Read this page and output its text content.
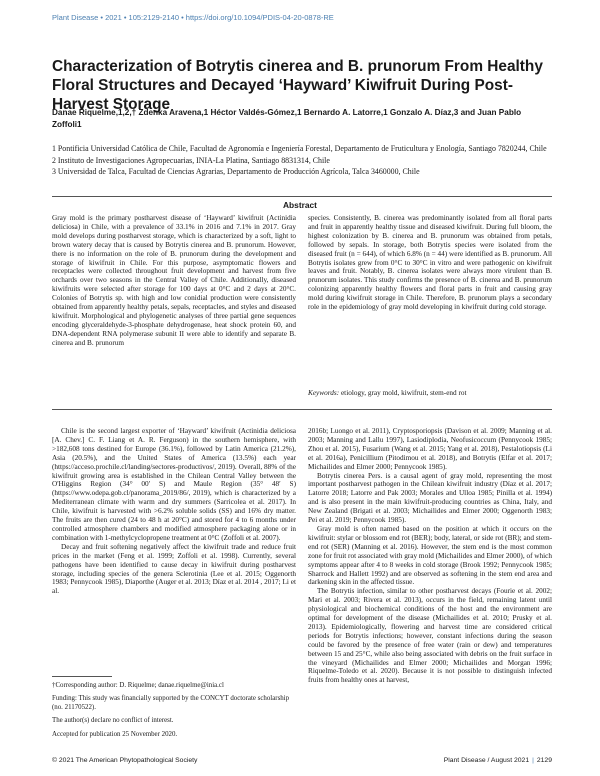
Plant Disease • 2021 • 105:2129-2140 • https://doi.org/10.1094/PDIS-04-20-0878-RE
Characterization of Botrytis cinerea and B. prunorum From Healthy Floral Structures and Decayed ‘Hayward’ Kiwifruit During Post-Harvest Storage
Danae Riquelme,1,2,† Zdenka Aravena,1 Héctor Valdés-Gómez,1 Bernardo A. Latorre,1 Gonzalo A. Díaz,3 and Juan Pablo Zoffoli1
1 Pontificia Universidad Católica de Chile, Facultad de Agronomía e Ingeniería Forestal, Departamento de Fruticultura y Enología, Santiago 7820244, Chile
2 Instituto de Investigaciones Agropecuarias, INIA-La Platina, Santiago 8831314, Chile
3 Universidad de Talca, Facultad de Ciencias Agrarias, Departamento de Producción Agrícola, Talca 3460000, Chile
Abstract

Gray mold is the primary postharvest disease of ‘Hayward’ kiwifruit (Actinidia deliciosa) in Chile, with a prevalence of 33.1% in 2016 and 7.1% in 2017. Gray mold develops during postharvest storage, which is characterized by a soft, light to brown watery decay that is caused by Botrytis cinerea and B. prunorum. However, there is no information on the role of B. prunorum during the development and storage of kiwifruit in Chile. For this purpose, asymptomatic flowers and receptacles were collected throughout fruit development and harvest from five orchards over two seasons in the Central Valley of Chile. Additionally, diseased kiwifruits were selected after storage for 100 days at 0°C and 2 days at 20°C. Colonies of Botrytis sp. with high and low conidial production were consistently obtained from apparently healthy petals, sepals, receptacles, and styles and diseased kiwifruit. Morphological and phylogenetic analyses of three partial gene sequences encoding glyceraldehyde-3-phosphate dehydrogenase, heat shock protein 60, and DNA-dependent RNA polymerase subunit II were able to identify and separate B. cinerea and B. prunorum

species. Consistently, B. cinerea was predominantly isolated from all floral parts and fruit in apparently healthy tissue and diseased kiwifruit. During full bloom, the highest colonization by B. cinerea and B. prunorum was obtained from petals, followed by sepals. In storage, both Botrytis species were isolated from the diseased fruit (n = 644), of which 6.8% (n = 44) were identified as B. prunorum. All Botrytis isolates grew from 0°C to 30°C in vitro and were pathogenic on kiwifruit leaves and fruit. Notably, B. cinerea isolates were always more virulent than B. prunorum isolates. This study confirms the presence of B. cinerea and B. prunorum colonizing apparently healthy flowers and floral parts in fruit and causing gray mold during kiwifruit storage in Chile. Therefore, B. prunorum plays a secondary role in the epidemiology of gray mold developing in kiwifruit during cold storage.

Keywords: etiology, gray mold, kiwifruit, stem-end rot

Chile is the second largest exporter of ‘Hayward’ kiwifruit (Actinidia deliciosa [A. Chev.] C. F. Liang et A. R. Ferguson) in the southern hemisphere, with >182,608 tons destined for Europe (36.1%), followed by Latin America (21.2%), Asia (20.5%), and the United States of America (13.5%) each year (https://acceso.prochile.cl/landing/sectores-productivos/, 2019). Overall, 88% of the kiwifruit growing area is established in the Chilean Central Valley between the O'Higgins Region (34° 00′ S) and Maule Region (35° 48′ S) (https://www.odepa.gob.cl/panorama_2019/86/, 2019), which is characterized by a Mediterranean climate with warm and dry summers (Sarricolea et al. 2017). In Chile, kiwifruit is harvested with >6.2% soluble solids (SS) and 16% dry matter. The fruits are then cured (24 to 48 h at 20°C) and stored for 4 to 6 months under controlled atmosphere chambers and modified atmosphere packaging alone or in combination with 1-methylcyclopropene treatment at 0°C (Zoffoli et al. 2007).

Decay and fruit softening negatively affect the kiwifruit trade and reduce fruit prices in the market (Feng et al. 1999; Zoffoli et al. 1998). Currently, several pathogens have been identified to cause decay in kiwifruit during postharvest storage, including species of the genera Sclerotinia (Lee et al. 2015; Oggenorth 1983; Pennycook 1985), Diaporthe (Auger et al. 2013; Díaz et al. 2014 , 2017; Li et al.

†Corresponding author: D. Riquelme; danae.riquelme@inia.cl

Funding: This study was financially supported by the CONCYT doctorate scholarship (no. 21170522).

The author(s) declare no conflict of interest.

Accepted for publication 25 November 2020.

2016b; Luongo et al. 2011), Cryptosporiopsis (Davison et al. 2009; Manning et al. 2003; Manning and Lallu 1997), Lasiodiplodia, Neofusicoccum (Pennycook 1985; Zhou et al. 2015), Fusarium (Wang et al. 2015; Yang et al. 2018), Pestalotiopsis (Li et al. 2016a), Penicillium (Pitodimou et al. 2018), and Botrytis (Elfar et al. 2017; Michailides and Elmer 2000; Pennycook 1985).

Botrytis cinerea Pers. is a causal agent of gray mold, representing the most important postharvest pathogen in the Chilean kiwifruit industry (Díaz et al. 2017; Latorre 2018; Latorre and Pak 2003; Morales and Ulloa 1985; Pinilla et al. 1994) and is also present in the main kiwifruit-producing countries as China, Italy, and New Zealand (Brigati et al. 2003; Michailides and Elmer 2000; Oggenorth 1983; Pei et al. 2019; Pennycook 1985).

Gray mold is often named based on the position at which it occurs on the kiwifruit: stylar or blossom end rot (BER); body, lateral, or side rot (BR); and stem-end rot (SER) (Manning et al. 2016). However, the stem end is the most common zone for fruit rot associated with gray mold (Michailides and Elmer 2000), of which symptoms appear after 4 to 8 weeks in cold storage (Brook 1992; Pennycook 1985; Sharrock and Hallett 1992) and are observed as softening in the stem end area and darkening skin in the affected tissue.

The Botrytis infection, similar to other postharvest decays (Fourie et al. 2002; Mari et al. 2003; Rivera et al. 2013), occurs in the field, remaining latent until physiological and biochemical conditions of the host and the environment are optimal for development of the disease (Michailides et al. 2010; Prusky et al. 2013). Epidemiologically, flowering and harvest time are considered critical periods for Botrytis infections; however, constant infections during the season could be favored by the presence of free water (rain or dew) and temperatures between 15 and 25°C, while also being associated with debris on the fruit surface in the vineyard (Michailides and Elmer 2000; Michailides and Morgan 1996; Riquelme-Toledo et al. 2020). Because it is not possible to distinguish infected fruits from healthy ones at harvest,

© 2021 The American Phytopathological Society	Plant Disease / August 2021 | 2129
